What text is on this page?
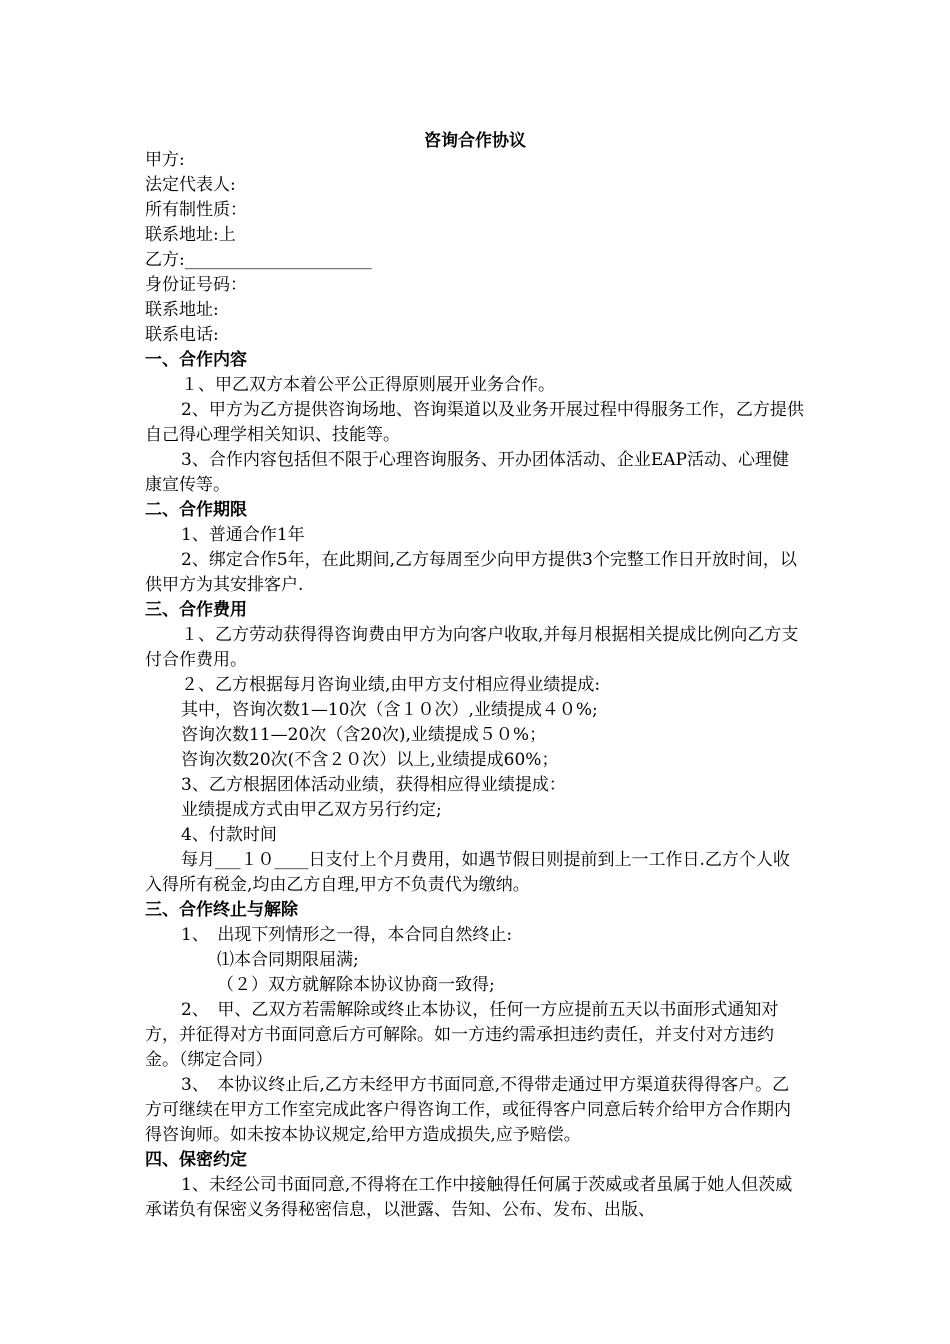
咨询合作协议
甲方:
法定代表人:
所有制性质：
联系地址:上
乙方:______________________
身份证号码：
联系地址:
联系电话:
一、合作内容
１、甲乙双方本着公平公正得原则展开业务合作。
2、甲方为乙方提供咨询场地、咨询渠道以及业务开展过程中得服务工作，乙方提供自己得心理学相关知识、技能等。
3、合作内容包括但不限于心理咨询服务、开办团体活动、企业EAP活动、心理健康宣传等。
二、合作期限
1、普通合作1年
2、绑定合作5年，在此期间,乙方每周至少向甲方提供3个完整工作日开放时间，以供甲方为其安排客户.
三、合作费用
１、乙方劳动获得得咨询费由甲方为向客户收取,并每月根据相关提成比例向乙方支付合作费用。
２、乙方根据每月咨询业绩,由甲方支付相应得业绩提成:
其中，咨询次数1—10次（含１０次）,业绩提成４０%;
咨询次数11—20次（含20次),业绩提成５０%；
咨询次数20次(不含２０次）以上,业绩提成60%；
3、乙方根据团体活动业绩，获得相应得业绩提成：
业绩提成方式由甲乙双方另行约定;
4、付款时间
每月___１０____日支付上个月费用，如遇节假日则提前到上一工作日.乙方个人收入得所有税金,均由乙方自理,甲方不负责代为缴纳。
三、合作终止与解除
1、　出现下列情形之一得，本合同自然终止:
⑴本合同期限届满;
（２）双方就解除本协议协商一致得;
2、　甲、乙双方若需解除或终止本协议，任何一方应提前五天以书面形式通知对方，并征得对方书面同意后方可解除。如一方违约需承担违约责任，并支付对方违约金。（绑定合同）
3、　本协议终止后,乙方未经甲方书面同意,不得带走通过甲方渠道获得得客户。乙方可继续在甲方工作室完成此客户得咨询工作，或征得客户同意后转介给甲方合作期内得咨询师。如未按本协议规定,给甲方造成损失,应予赔偿。
四、保密约定
1、未经公司书面同意,不得将在工作中接触得任何属于茨威或者虽属于她人但茨威承诺负有保密义务得秘密信息，以泄露、告知、公布、发布、出版、
